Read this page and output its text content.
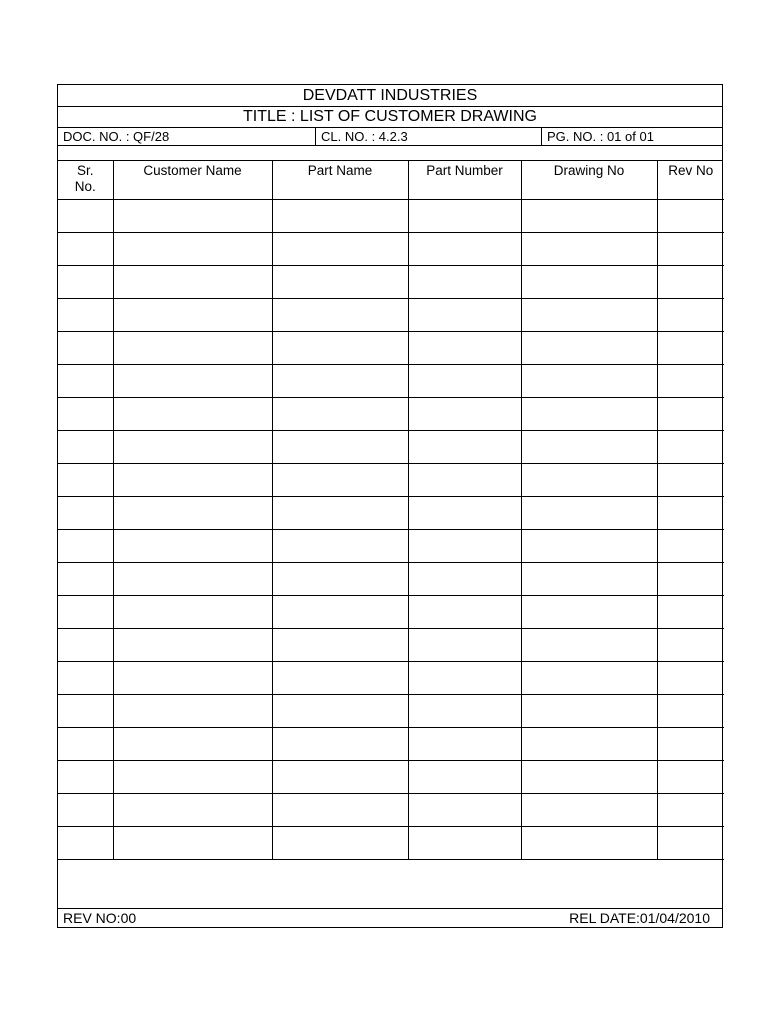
DEVDATT INDUSTRIES
TITLE : LIST OF CUSTOMER DRAWING
DOC. NO. : QF/28	CL. NO. : 4.2.3	PG. NO. : 01 of 01
Sr. No.	Customer Name	Part Name	Part Number	Drawing No	Rev No

REV NO:00	REL DATE:01/04/2010
